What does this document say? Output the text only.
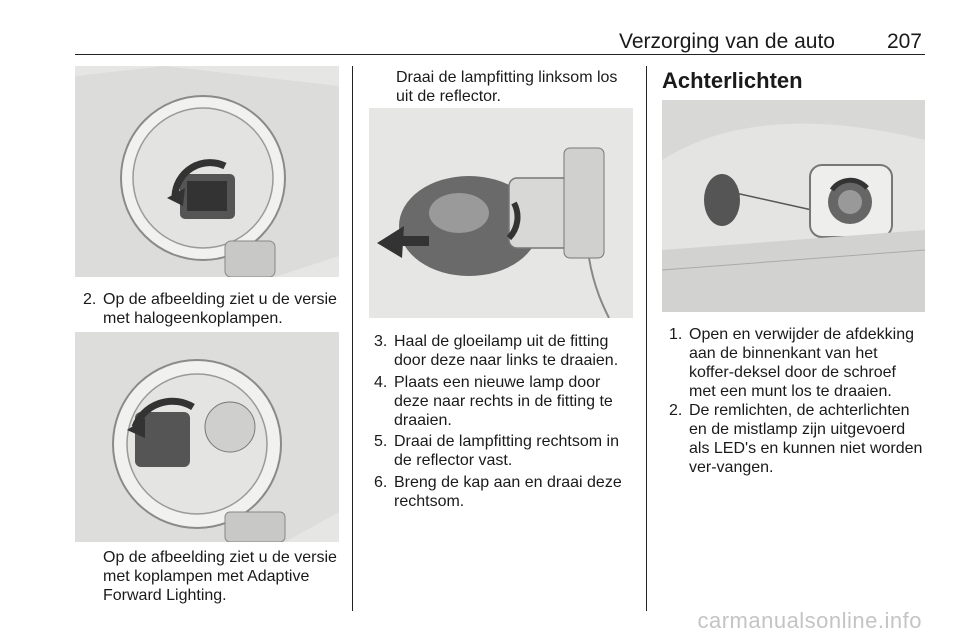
Verzorging van de auto 207
2. Op de afbeelding ziet u de versie met halogeenkoplampen.
Op de afbeelding ziet u de versie met koplampen met Adaptive Forward Lighting.
Draai de lampfitting linksom los uit de reflector.
3. Haal de gloeilamp uit de fitting door deze naar links te draaien.
4. Plaats een nieuwe lamp door deze naar rechts in de fitting te draaien.
5. Draai de lampfitting rechtsom in de reflector vast.
6. Breng de kap aan en draai deze rechtsom.
Achterlichten
1. Open en verwijder de afdekking aan de binnenkant van het koffer-deksel door de schroef met een munt los te draaien.
2. De remlichten, de achterlichten en de mistlamp zijn uitgevoerd als LED's en kunnen niet worden ver-vangen.
carmanualsonline.info
